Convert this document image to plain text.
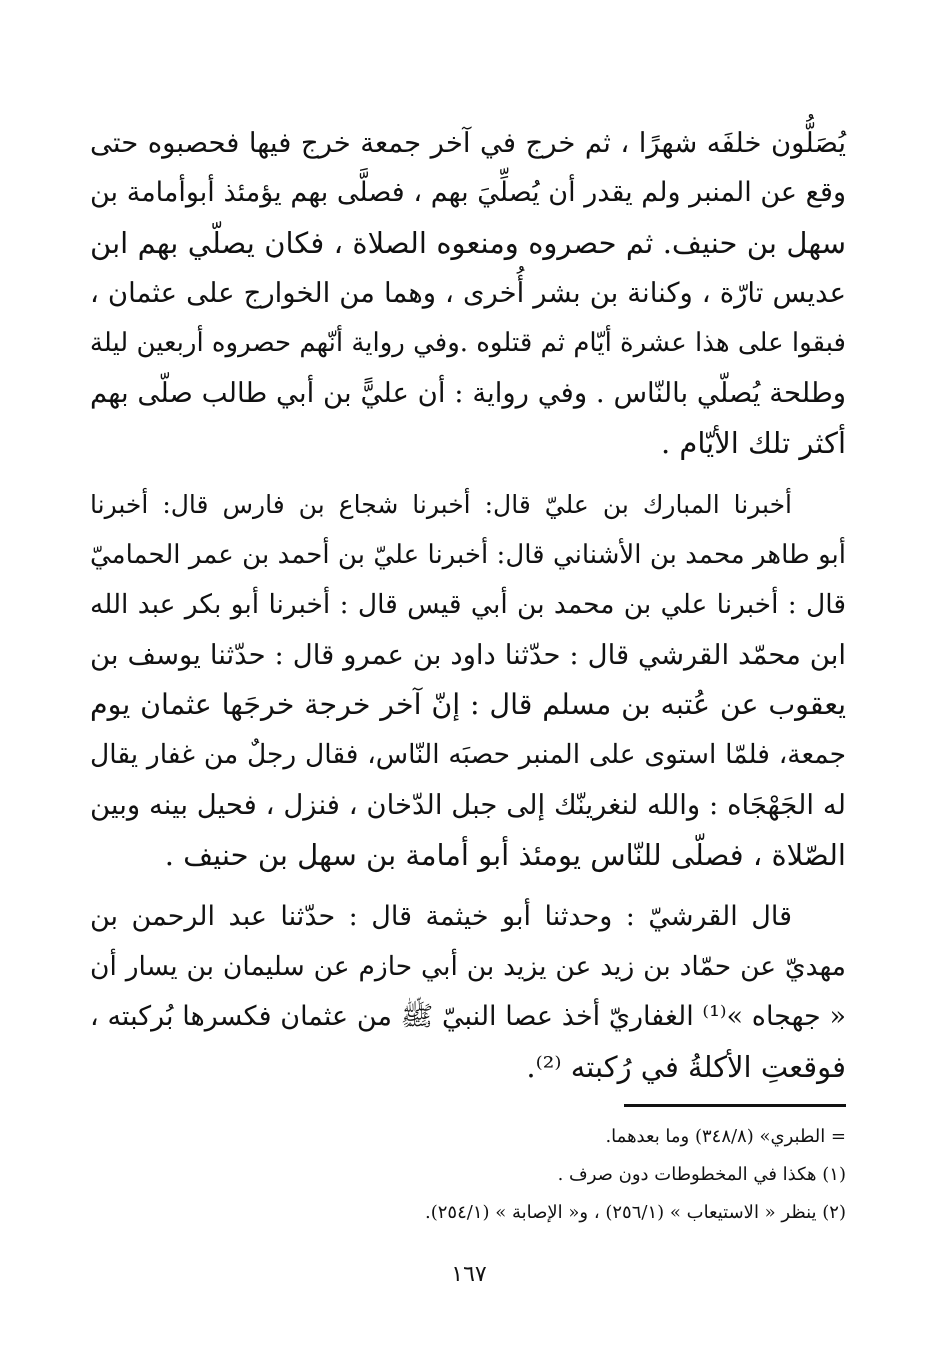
يُصَلُّون خلفَه شهرًا ، ثم خرج في آخر جمعة خرج فيها فحصبوه حتى
وقع عن المنبر ولم يقدر أن يُصلِّيَ بهم ، فصلَّى بهم يؤمئذ أبوأمامة بن
سهل بن حنيف. ثم حصروه ومنعوه الصلاة ، فكان يصلّي بهم ابن
عديس تارّة ، وكنانة بن بشر أُخرى ، وهما من الخوارج على عثمان ،
فبقوا على هذا عشرة أيّام ثم قتلوه .وفي رواية أنّهم حصروه أربعين ليلة
وطلحة يُصلّي بالنّاس . وفي رواية : أن عليًّ بن أبي طالب صلّى بهم
أكثر تلك الأيّام .

أخبرنا المبارك بن عليّ قال: أخبرنا شجاع بن فارس قال: أخبرنا
أبو طاهر محمد بن الأشناني قال: أخبرنا عليّ بن أحمد بن عمر الحماميّ
قال : أخبرنا علي بن محمد بن أبي قيس قال : أخبرنا أبو بكر عبد الله
ابن محمّد القرشي قال : حدّثنا داود بن عمرو قال : حدّثنا يوسف بن
يعقوب عن عُتبه بن مسلم قال : إنّ آخر خرجة خرجَها عثمان يوم
جمعة، فلمّا استوى على المنبر حصبَه النّاس، فقال رجلٌ من غفار يقال
له الجَهْجَاه : والله لنغرينّك إلى جبل الدّخان ، فنزل ، فحيل بينه وبين
الصّلاة ، فصلّى للنّاس يومئذ أبو أمامة بن سهل بن حنيف .

قال القرشيّ : وحدثنا أبو خيثمة قال : حدّثنا عبد الرحمن بن
مهديّ عن حمّاد بن زيد عن يزيد بن أبي حازم عن سليمان بن يسار أن
« جهجاه »⁽¹⁾ الغفاريّ أخذ عصا النبيّ ﷺ من عثمان فكسرها بُركبته ،
فوقعتِ الأكلةُ في رُكبته ⁽²⁾.

= الطبري» (٣٤٨/٨) وما بعدهما.
(١) هكذا في المخطوطات دون صرف .
(٢) ينظر « الاستيعاب » (٢٥٦/١) ، و« الإصابة » (٢٥٤/١).
١٦٧
